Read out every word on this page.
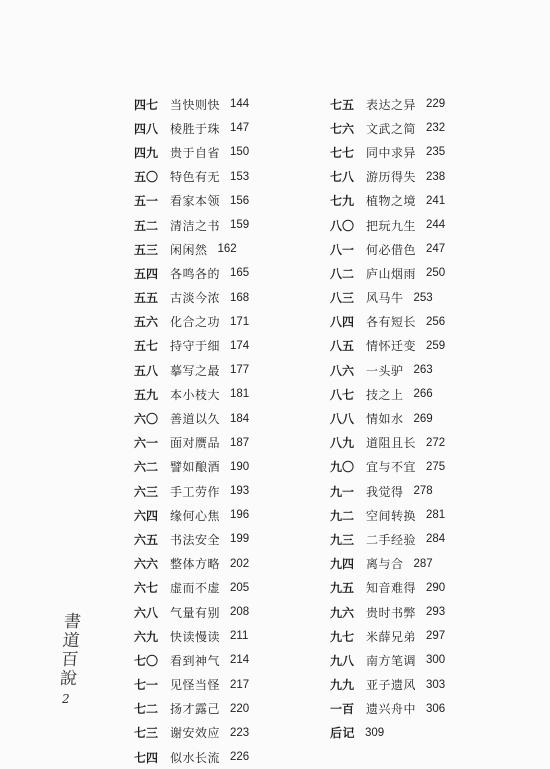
四七 当快则快 144
四八 棱胜于珠 147
四九 贵于自省 150
五〇 特色有无 153
五一 看家本领 156
五二 清洁之书 159
五三 闲闲然 162
五四 各鸣各的 165
五五 古淡今浓 168
五六 化合之功 171
五七 持守于细 174
五八 摹写之最 177
五九 本小枝大 181
六〇 善道以久 184
六一 面对赝品 187
六二 譬如酿酒 190
六三 手工劳作 193
六四 缘何心焦 196
六五 书法安全 199
六六 整体方略 202
六七 虚而不虚 205
六八 气量有别 208
六九 快读慢读 211
七〇 看到神气 214
七一 见怪当怪 217
七二 扬才露己 220
七三 谢安效应 223
七四 似水长流 226
七五 表达之异 229
七六 文武之简 232
七七 同中求异 235
七八 游历得失 238
七九 植物之境 241
八〇 把玩九生 244
八一 何必借色 247
八二 庐山烟雨 250
八三 风马牛 253
八四 各有短长 256
八五 情怀迁变 259
八六 一头驴 263
八七 技之上 266
八八 情如水 269
八九 道阻且长 272
九〇 宜与不宜 275
九一 我觉得 278
九二 空间转换 281
九三 二手经验 284
九四 离与合 287
九五 知音难得 290
九六 贵时书弊 293
九七 米薛兄弟 297
九八 南方笔调 300
九九 亚子遗风 303
一百 遗兴舟中 306
后记 309
書道百說
2
